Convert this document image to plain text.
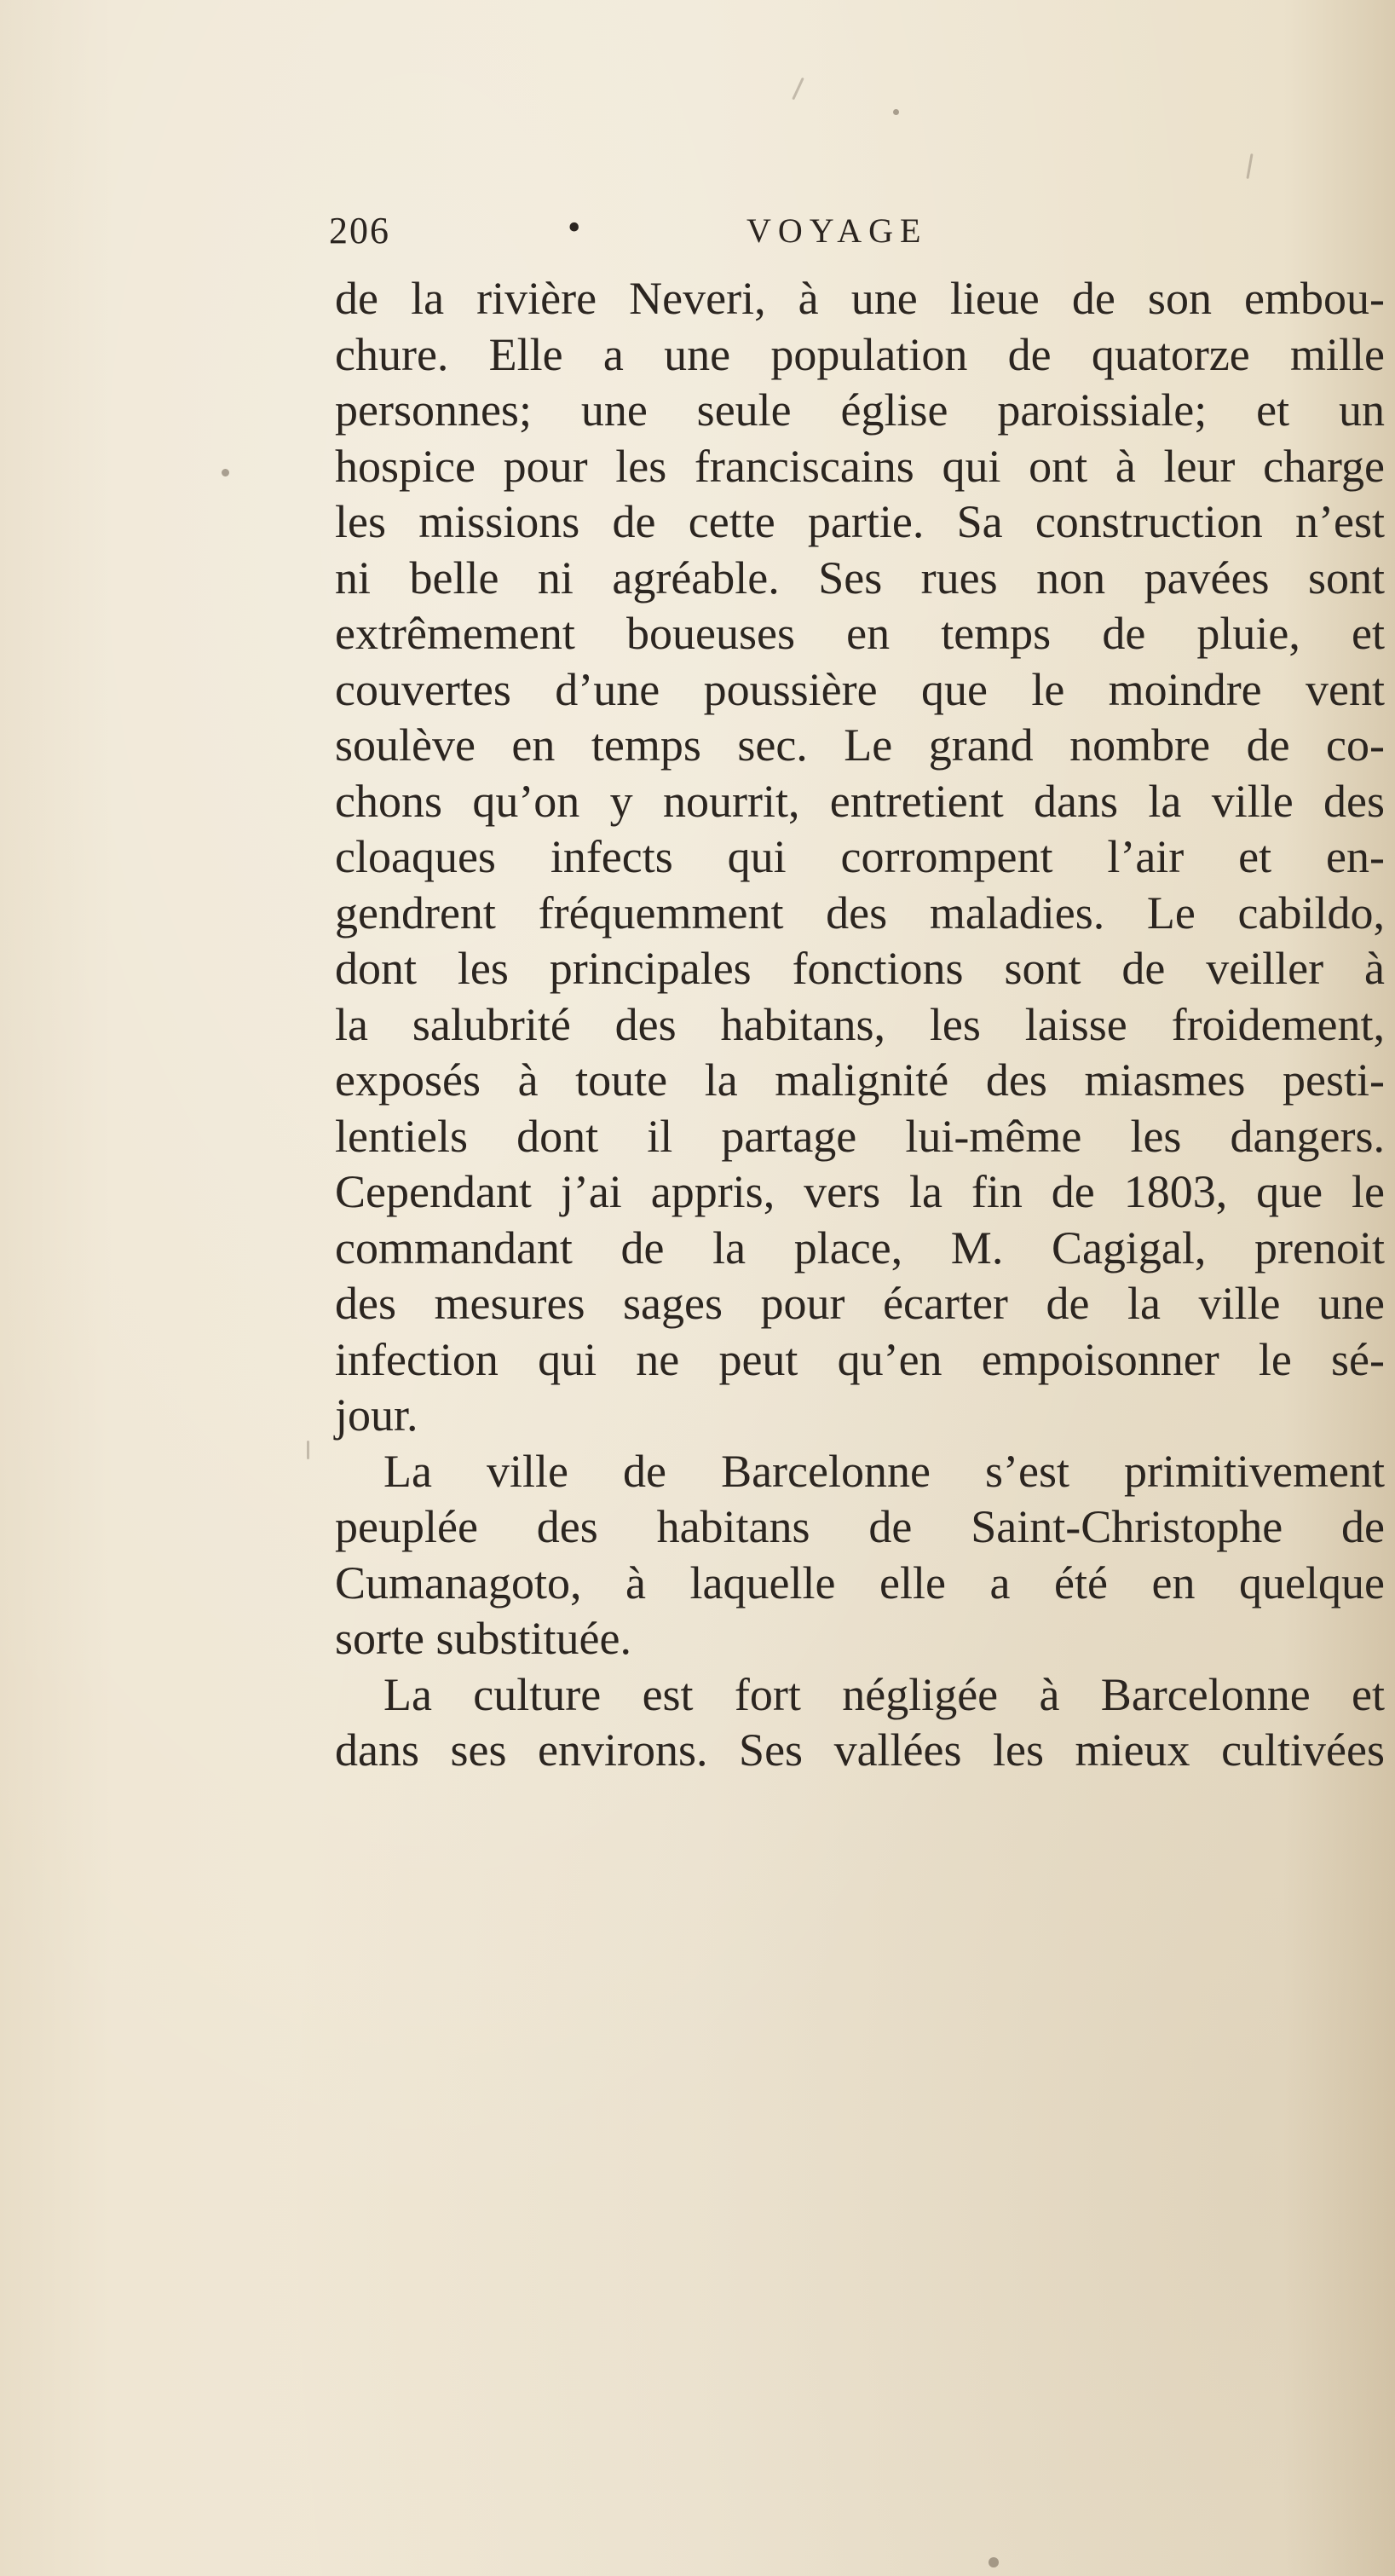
206	•	VOYAGE
de la rivière Neveri, à une lieue de son embou-
chure. Elle a une population de quatorze mille
personnes; une seule église paroissiale; et un
hospice pour les franciscains qui ont à leur charge
les missions de cette partie. Sa construction n’est
ni belle ni agréable. Ses rues non pavées sont
extrêmement boueuses en temps de pluie, et
couvertes d’une poussière que le moindre vent
soulève en temps sec. Le grand nombre de co-
chons qu’on y nourrit, entretient dans la ville des
cloaques infects qui corrompent l’air et en-
gendrent fréquemment des maladies. Le cabildo,
dont les principales fonctions sont de veiller à
la salubrité des habitans, les laisse froidement,
exposés à toute la malignité des miasmes pesti-
lentiels dont il partage lui-même les dangers.
Cependant j’ai appris, vers la fin de 1803, que le
commandant de la place, M. Cagigal, prenoit
des mesures sages pour écarter de la ville une
infection qui ne peut qu’en empoisonner le sé-
jour.
La ville de Barcelonne s’est primitivement
peuplée des habitans de Saint-Christophe de
Cumanagoto, à laquelle elle a été en quelque
sorte substituée.
La culture est fort négligée à Barcelonne et
dans ses environs. Ses vallées les mieux cultivées
